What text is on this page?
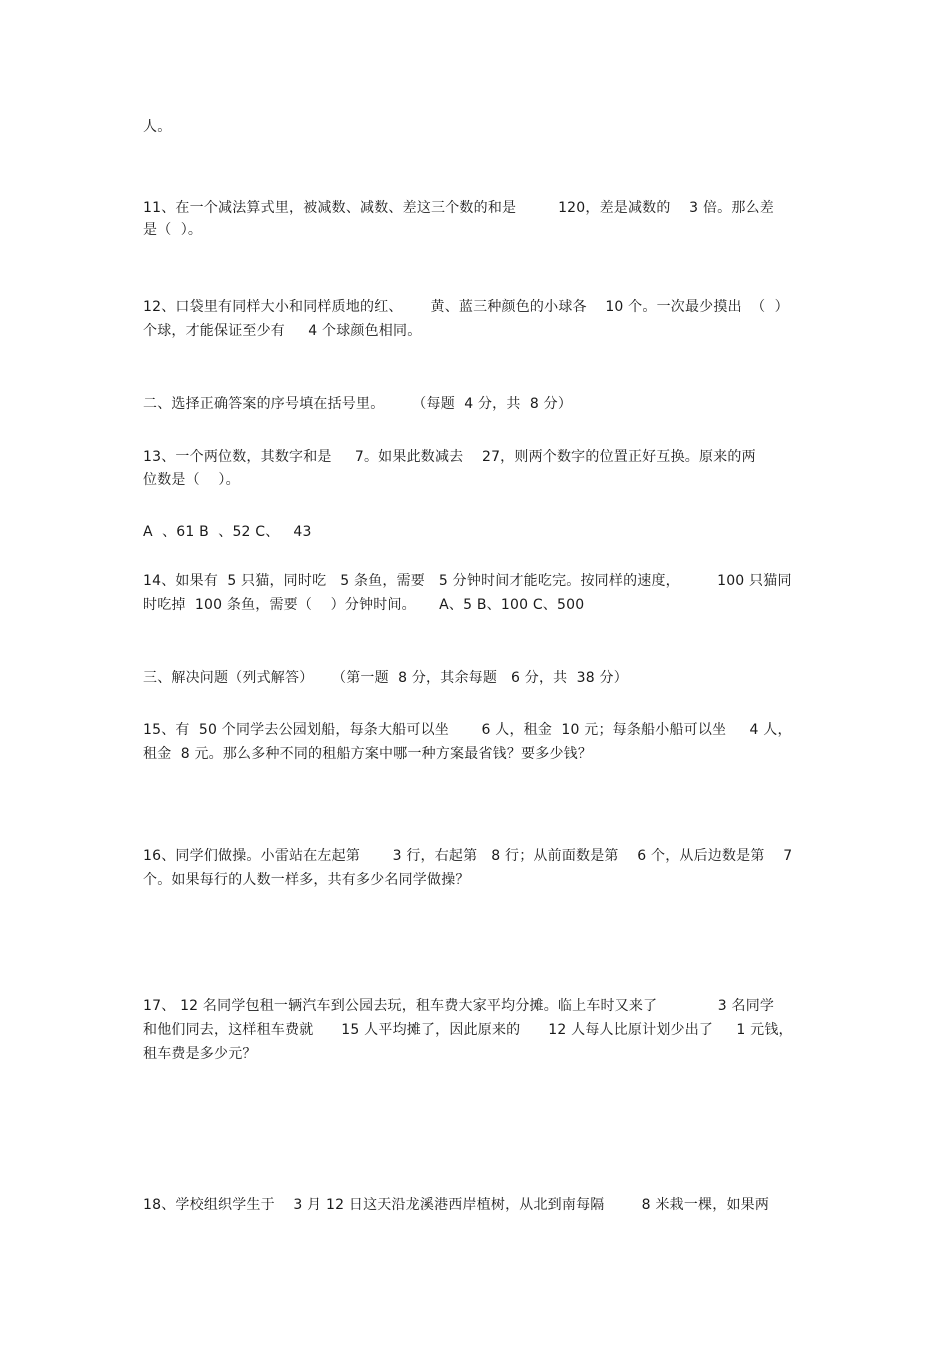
人。
11、在一个减法算式里，被减数、减数、差这三个数的和是         120，差是减数的    3 倍。那么差
是（  ）。
12、口袋里有同样大小和同样质地的红、      黄、蓝三种颜色的小球各    10 个。一次最少摸出  （  ）
个球，才能保证至少有     4 个球颜色相同。
二、选择正确答案的序号填在括号里。      （每题  4 分，共  8 分）
13、一个两位数，其数字和是     7。如果此数减去    27，则两个数字的位置正好互换。原来的两
位数是（    ）。
A  、61 B  、52 C、   43
14、如果有  5 只猫，同时吃   5 条鱼，需要   5 分钟时间才能吃完。按同样的速度，        100 只猫同
时吃掉  100 条鱼，需要（    ）分钟时间。     A、5 B、100 C、500
三、解决问题（列式解答）    （第一题  8 分，其余每题   6 分，共  38 分）
15、有  50 个同学去公园划船，每条大船可以坐       6 人，租金  10 元；每条船小船可以坐     4 人，
租金  8 元。那么多种不同的租船方案中哪一种方案最省钱？要多少钱？
16、同学们做操。小雷站在左起第       3 行，右起第   8 行；从前面数是第    6 个，从后边数是第    7
个。如果每行的人数一样多，共有多少名同学做操？
17、 12 名同学包租一辆汽车到公园去玩，租车费大家平均分摊。临上车时又来了             3 名同学
和他们同去，这样租车费就      15 人平均摊了，因此原来的      12 人每人比原计划少出了     1 元钱，
租车费是多少元？
18、学校组织学生于    3 月 12 日这天沿龙溪港西岸植树，从北到南每隔        8 米栽一棵，如果两
